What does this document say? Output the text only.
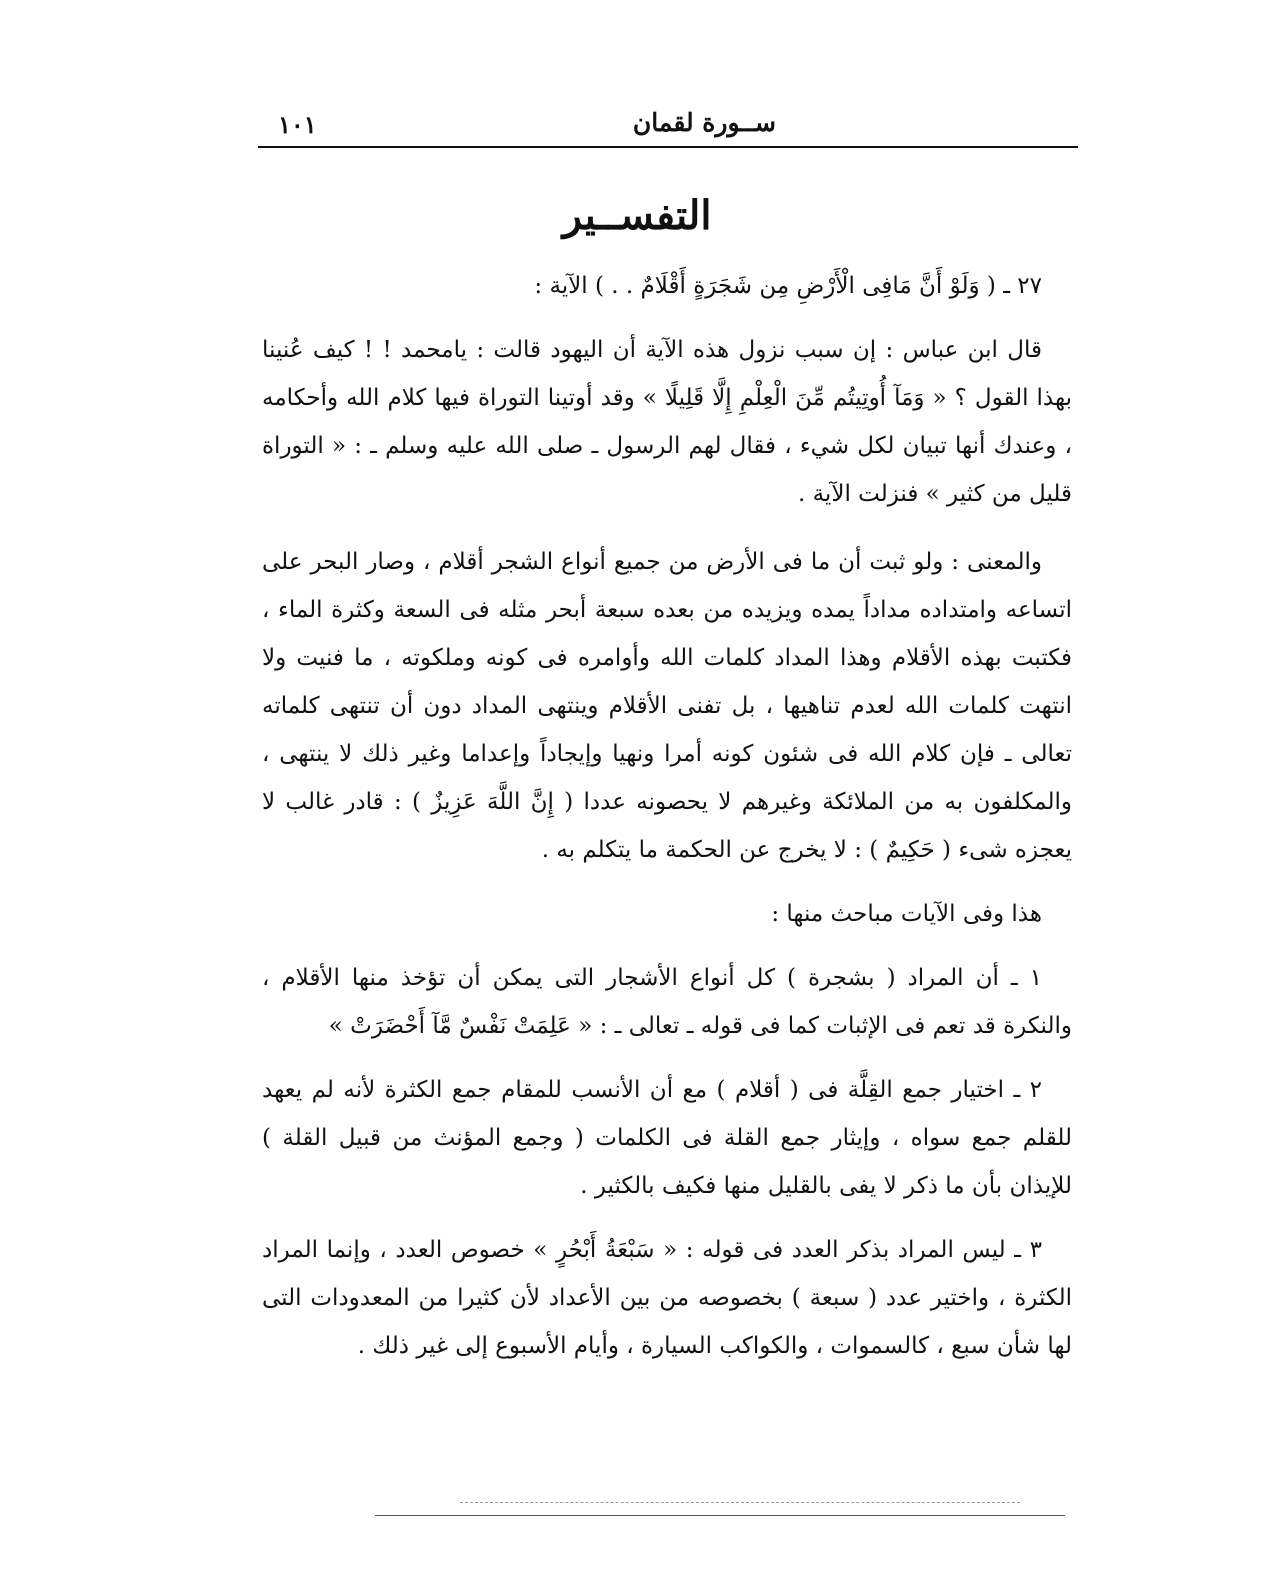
ســورة لقمان
١٠١
التفســير

٢٧ ـ ( وَلَوْ أَنَّ مَافِى الْأَرْضِ مِن شَجَرَةٍ أَقْلَامٌ . . ) الآية :

قال ابن عباس : إن سبب نزول هذه الآية أن اليهود قالت : يامحمد ! ! كيف عُنينا بهذا القول ؟ « وَمَآ أُوتِيتُم مِّنَ الْعِلْمِ إِلَّا قَلِيلًا » وقد أوتينا التوراة فيها كلام الله وأحكامه ، وعندك أنها تبيان لكل شيء ، فقال لهم الرسول ـ صلى الله عليه وسلم ـ : « التوراة قليل من كثير » فنزلت الآية .

والمعنى : ولو ثبت أن ما فى الأرض من جميع أنواع الشجر أقلام ، وصار البحر على اتساعه وامتداده مداداً يمده ويزيده من بعده سبعة أبحر مثله فى السعة وكثرة الماء ، فكتبت بهذه الأقلام وهذا المداد كلمات الله وأوامره فى كونه وملكوته ، ما فنيت ولا انتهت كلمات الله لعدم تناهيها ، بل تفنى الأقلام وينتهى المداد دون أن تنتهى كلماته تعالى ـ فإن كلام الله فى شئون كونه أمرا ونهيا وإيجاداً وإعداما وغير ذلك لا ينتهى ، والمكلفون به من الملائكة وغيرهم لا يحصونه عددا ( إِنَّ اللَّهَ عَزِيزٌ ) : قادر غالب لا يعجزه شىء ( حَكِيمٌ ) : لا يخرج عن الحكمة ما يتكلم به .

هذا وفى الآيات مباحث منها :

١ ـ أن المراد ( بشجرة ) كل أنواع الأشجار التى يمكن أن تؤخذ منها الأقلام ، والنكرة قد تعم فى الإثبات كما فى قوله ـ تعالى ـ : « عَلِمَتْ نَفْسٌ مَّآ أَحْضَرَتْ »

٢ ـ اختيار جمع القِلَّة فى ( أقلام ) مع أن الأنسب للمقام جمع الكثرة لأنه لم يعهد للقلم جمع سواه ، وإيثار جمع القلة فى الكلمات ( وجمع المؤنث من قبيل القلة ) للإيذان بأن ما ذكر لا يفى بالقليل منها فكيف بالكثير .

٣ ـ ليس المراد بذكر العدد فى قوله : « سَبْعَةُ أَبْحُرٍ » خصوص العدد ، وإنما المراد الكثرة ، واختير عدد ( سبعة ) بخصوصه من بين الأعداد لأن كثيرا من المعدودات التى لها شأن سبع ، كالسموات ، والكواكب السيارة ، وأيام الأسبوع إلى غير ذلك .
